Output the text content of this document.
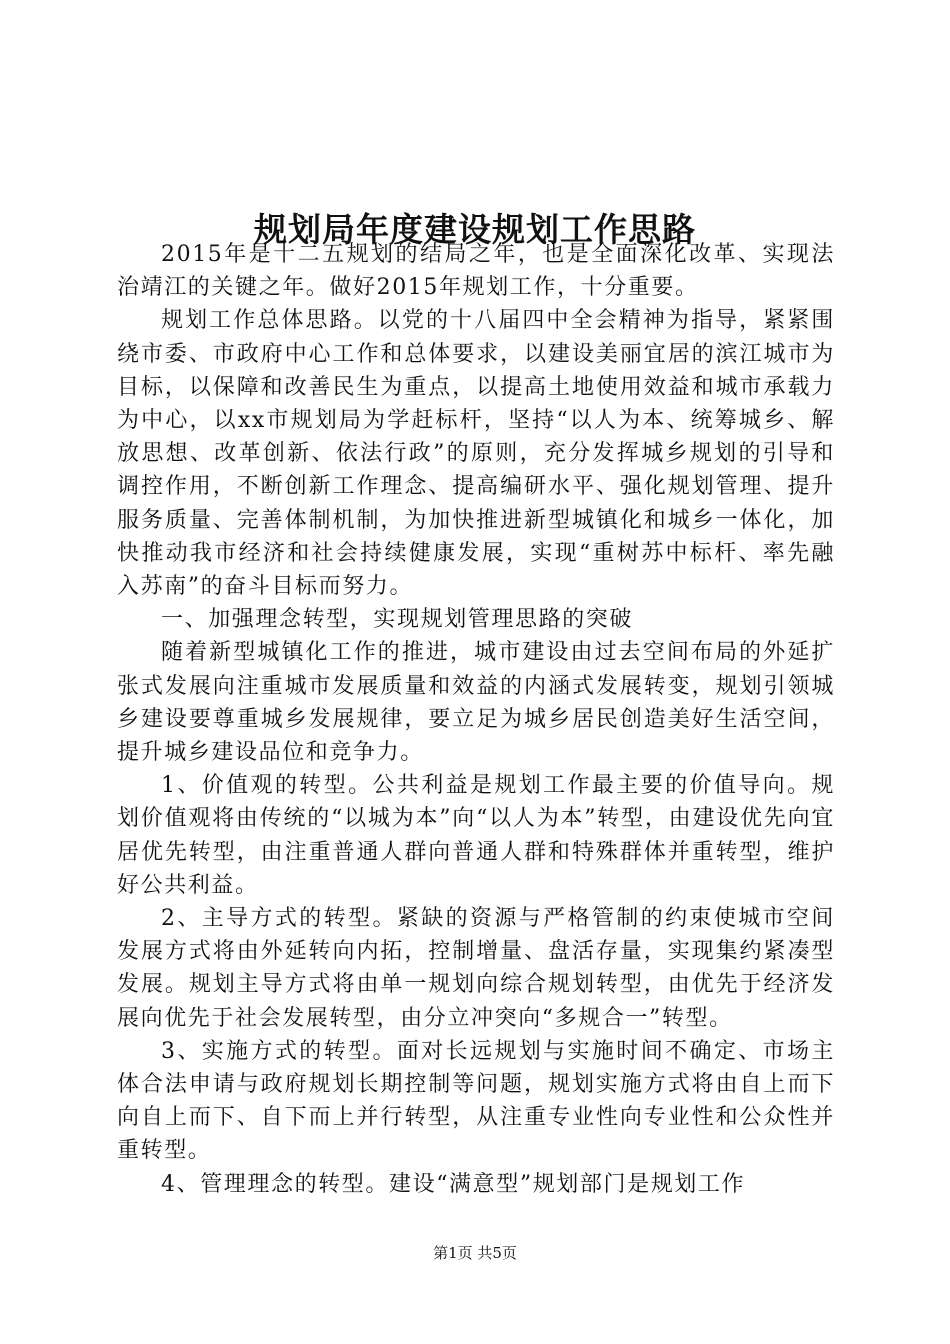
规划局年度建设规划工作思路

2015年是十二五规划的结局之年，也是全面深化改革、实现法治靖江的关键之年。做好2015年规划工作，十分重要。

规划工作总体思路。以党的十八届四中全会精神为指导，紧紧围绕市委、市政府中心工作和总体要求，以建设美丽宜居的滨江城市为目标，以保障和改善民生为重点，以提高土地使用效益和城市承载力为中心，以xx市规划局为学赶标杆，坚持“以人为本、统筹城乡、解放思想、改革创新、依法行政”的原则，充分发挥城乡规划的引导和调控作用，不断创新工作理念、提高编研水平、强化规划管理、提升服务质量、完善体制机制，为加快推进新型城镇化和城乡一体化，加快推动我市经济和社会持续健康发展，实现“重树苏中标杆、率先融入苏南”的奋斗目标而努力。

一、加强理念转型，实现规划管理思路的突破

随着新型城镇化工作的推进，城市建设由过去空间布局的外延扩张式发展向注重城市发展质量和效益的内涵式发展转变，规划引领城乡建设要尊重城乡发展规律，要立足为城乡居民创造美好生活空间，提升城乡建设品位和竞争力。

1、价值观的转型。公共利益是规划工作最主要的价值导向。规划价值观将由传统的“以城为本”向“以人为本”转型，由建设优先向宜居优先转型，由注重普通人群向普通人群和特殊群体并重转型，维护好公共利益。

2、主导方式的转型。紧缺的资源与严格管制的约束使城市空间发展方式将由外延转向内拓，控制增量、盘活存量，实现集约紧凑型发展。规划主导方式将由单一规划向综合规划转型，由优先于经济发展向优先于社会发展转型，由分立冲突向“多规合一”转型。

3、实施方式的转型。面对长远规划与实施时间不确定、市场主体合法申请与政府规划长期控制等问题，规划实施方式将由自上而下向自上而下、自下而上并行转型，从注重专业性向专业性和公众性并重转型。

4、管理理念的转型。建设“满意型”规划部门是规划工作

第1页 共5页
